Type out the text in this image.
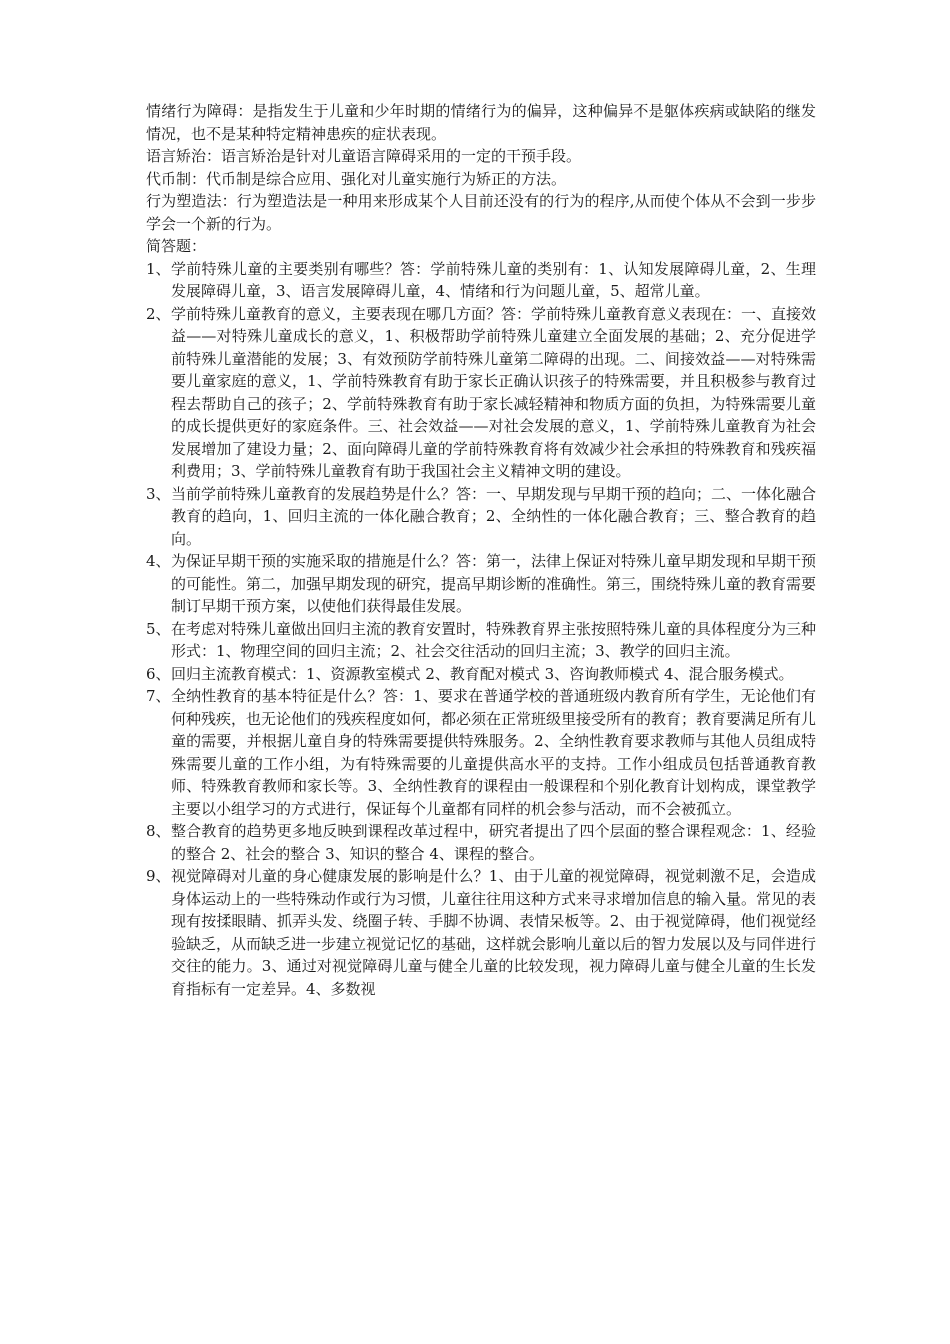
情绪行为障碍：是指发生于儿童和少年时期的情绪行为的偏异，这种偏异不是躯体疾病或缺陷的继发情况，也不是某种特定精神患疾的症状表现。

语言矫治：语言矫治是针对儿童语言障碍采用的一定的干预手段。

代币制：代币制是综合应用、强化对儿童实施行为矫正的方法。

行为塑造法：行为塑造法是一种用来形成某个人目前还没有的行为的程序,从而使个体从不会到一步步学会一个新的行为。

简答题：

1、 学前特殊儿童的主要类别有哪些？答：学前特殊儿童的类别有：1、认知发展障碍儿童，2、生理发展障碍儿童，3、语言发展障碍儿童，4、情绪和行为问题儿童，5、超常儿童。
2、 学前特殊儿童教育的意义，主要表现在哪几方面？答：学前特殊儿童教育意义表现在：一、直接效益——对特殊儿童成长的意义，1、积极帮助学前特殊儿童建立全面发展的基础；2、充分促进学前特殊儿童潜能的发展；3、有效预防学前特殊儿童第二障碍的出现。二、间接效益——对特殊需要儿童家庭的意义，1、学前特殊教育有助于家长正确认识孩子的特殊需要，并且积极参与教育过程去帮助自己的孩子；2、学前特殊教育有助于家长减轻精神和物质方面的负担，为特殊需要儿童的成长提供更好的家庭条件。三、社会效益——对社会发展的意义，1、学前特殊儿童教育为社会发展增加了建设力量；2、面向障碍儿童的学前特殊教育将有效减少社会承担的特殊教育和残疾福利费用；3、学前特殊儿童教育有助于我国社会主义精神文明的建设。
3、 当前学前特殊儿童教育的发展趋势是什么？答：一、早期发现与早期干预的趋向；二、一体化融合教育的趋向，1、回归主流的一体化融合教育；2、全纳性的一体化融合教育；三、整合教育的趋向。
4、 为保证早期干预的实施采取的措施是什么？答：第一，法律上保证对特殊儿童早期发现和早期干预的可能性。第二，加强早期发现的研究，提高早期诊断的准确性。第三，围绕特殊儿童的教育需要制订早期干预方案，以使他们获得最佳发展。
5、 在考虑对特殊儿童做出回归主流的教育安置时，特殊教育界主张按照特殊儿童的具体程度分为三种形式：1、物理空间的回归主流；2、社会交往活动的回归主流；3、教学的回归主流。
6、 回归主流教育模式：1、资源教室模式 2、教育配对模式 3、咨询教师模式 4、混合服务模式。
7、 全纳性教育的基本特征是什么？答：1、要求在普通学校的普通班级内教育所有学生，无论他们有何种残疾，也无论他们的残疾程度如何，都必须在正常班级里接受所有的教育；教育要满足所有儿童的需要，并根据儿童自身的特殊需要提供特殊服务。2、全纳性教育要求教师与其他人员组成特殊需要儿童的工作小组，为有特殊需要的儿童提供高水平的支持。工作小组成员包括普通教育教师、特殊教育教师和家长等。3、全纳性教育的课程由一般课程和个别化教育计划构成，课堂教学主要以小组学习的方式进行，保证每个儿童都有同样的机会参与活动，而不会被孤立。
8、 整合教育的趋势更多地反映到课程改革过程中，研究者提出了四个层面的整合课程观念：1、经验的整合 2、社会的整合 3、知识的整合 4、课程的整合。
9、 视觉障碍对儿童的身心健康发展的影响是什么？1、由于儿童的视觉障碍，视觉刺激不足，会造成身体运动上的一些特殊动作或行为习惯，儿童往往用这种方式来寻求增加信息的输入量。常见的表现有按揉眼睛、抓弄头发、绕圈子转、手脚不协调、表情呆板等。2、由于视觉障碍，他们视觉经验缺乏，从而缺乏进一步建立视觉记忆的基础，这样就会影响儿童以后的智力发展以及与同伴进行交往的能力。3、通过对视觉障碍儿童与健全儿童的比较发现，视力障碍儿童与健全儿童的生长发育指标有一定差异。4、多数视
